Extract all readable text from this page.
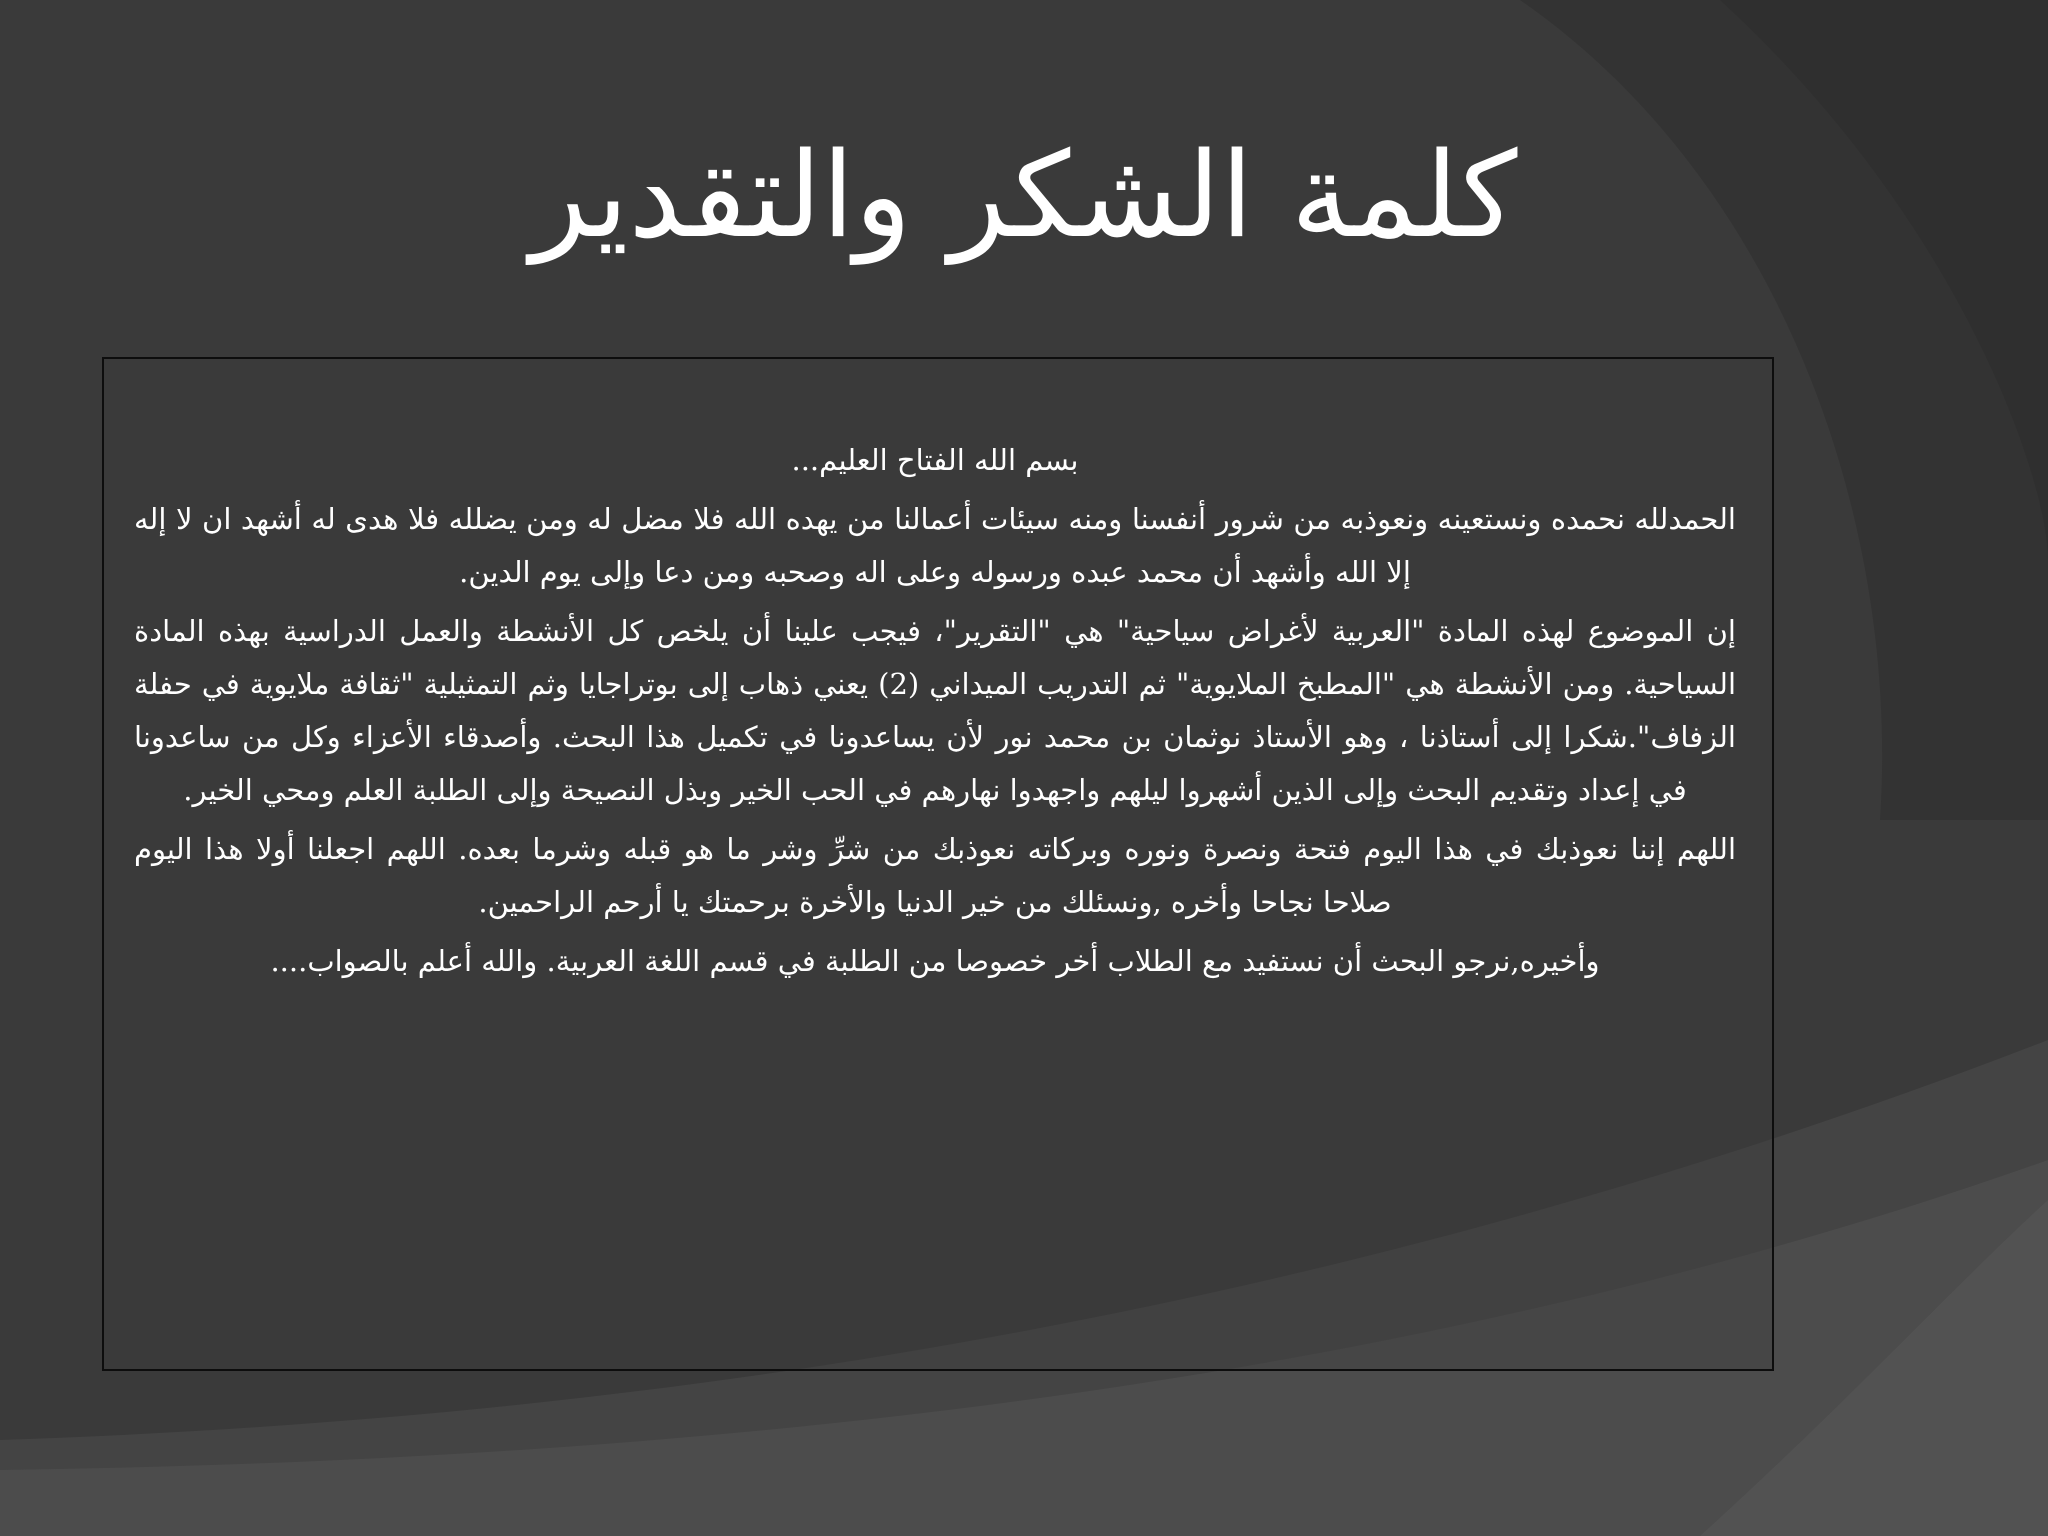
كلمة الشكر والتقدير

بسم الله الفتاح العليم...

الحمدلله نحمده ونستعينه ونعوذبه من شرور أنفسنا ومنه سيئات أعمالنا من يهده الله فلا مضل له ومن يضلله فلا هدى له أشهد ان لا إله إلا الله وأشهد أن محمد عبده ورسوله وعلى اله وصحبه ومن دعا وإلى يوم الدين.

إن الموضوع لهذه المادة "العربية لأغراض سياحية" هي "التقرير"، فيجب علينا أن يلخص كل الأنشطة والعمل الدراسية بهذه المادة السياحية. ومن الأنشطة هي "المطبخ الملايوية" ثم التدريب الميداني (2) يعني ذهاب إلى بوتراجايا وثم التمثيلية "ثقافة ملايوية في حفلة الزفاف".شكرا إلى أستاذنا ، وهو الأستاذ نوثمان بن محمد نور لأن يساعدونا في تكميل هذا البحث. وأصدقاء الأعزاء وكل من ساعدونا في إعداد وتقديم البحث وإلى الذين أشهروا ليلهم واجهدوا نهارهم في الحب الخير وبذل النصيحة وإلى الطلبة العلم ومحي الخير.

اللهم إننا نعوذبك في هذا اليوم فتحة ونصرة ونوره وبركاته نعوذبك من شرِّ وشر ما هو قبله وشرما بعده. اللهم اجعلنا أولا هذا اليوم صلاحا نجاحا وأخره ,ونسئلك من خير الدنيا والأخرة برحمتك يا أرحم الراحمين.

وأخيره,نرجو البحث أن نستفيد مع الطلاب أخر خصوصا من الطلبة في قسم اللغة العربية. والله أعلم بالصواب....
